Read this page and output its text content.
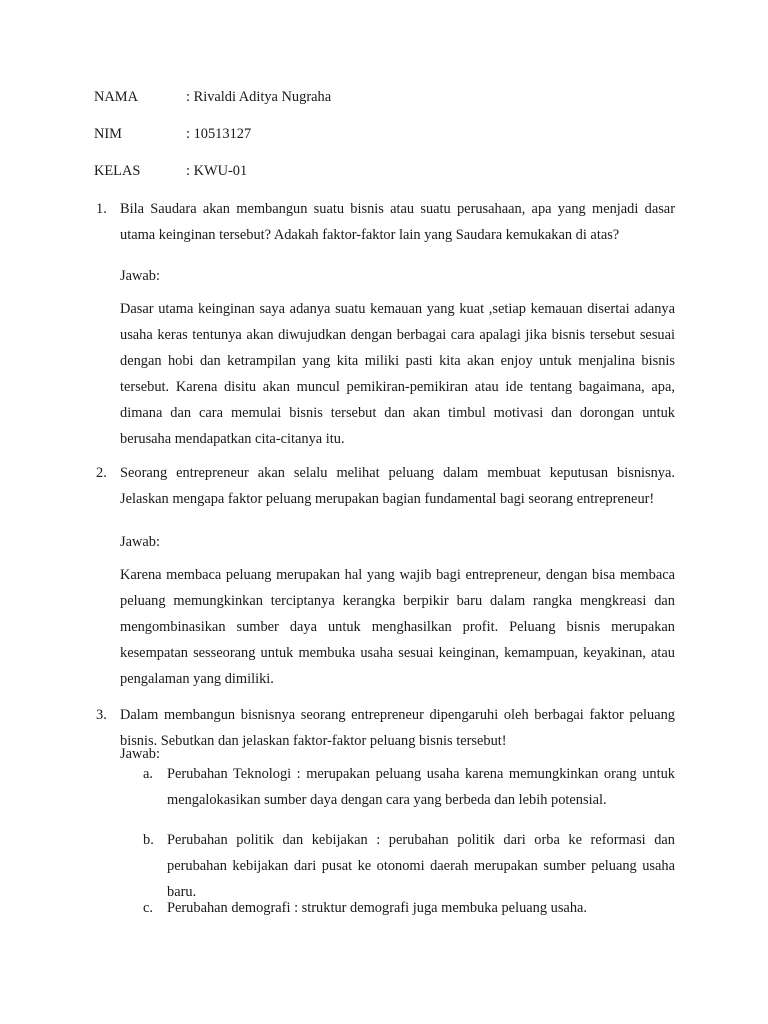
NAMA	: Rivaldi Aditya Nugraha
NIM	: 10513127
KELAS	: KWU-01
1. Bila Saudara akan membangun suatu bisnis atau suatu perusahaan, apa yang menjadi dasar utama keinginan tersebut? Adakah faktor-faktor lain yang Saudara kemukakan di atas?

Jawab:

Dasar utama keinginan saya adanya suatu kemauan yang kuat ,setiap kemauan disertai adanya usaha keras tentunya akan diwujudkan dengan berbagai cara apalagi jika bisnis tersebut sesuai dengan hobi dan ketrampilan yang kita miliki pasti kita akan enjoy untuk menjalina bisnis tersebut. Karena disitu akan muncul pemikiran-pemikiran atau ide tentang bagaimana, apa, dimana dan cara memulai bisnis tersebut dan akan timbul motivasi dan dorongan untuk berusaha mendapatkan cita-citanya itu.

2. Seorang entrepreneur akan selalu melihat peluang dalam membuat keputusan bisnisnya. Jelaskan mengapa faktor peluang merupakan bagian fundamental bagi seorang entrepreneur!

Jawab:

Karena membaca peluang merupakan hal yang wajib bagi entrepreneur, dengan bisa membaca peluang memungkinkan terciptanya kerangka berpikir baru dalam rangka mengkreasi dan mengombinasikan sumber daya untuk menghasilkan profit. Peluang bisnis merupakan kesempatan sesseorang untuk membuka usaha sesuai keinginan, kemampuan, keyakinan, atau pengalaman yang dimiliki.

3. Dalam membangun bisnisnya seorang entrepreneur dipengaruhi oleh berbagai faktor peluang bisnis. Sebutkan dan jelaskan faktor-faktor peluang bisnis tersebut!

Jawab:

a. Perubahan Teknologi : merupakan peluang usaha karena memungkinkan orang untuk mengalokasikan sumber daya dengan cara yang berbeda dan lebih potensial.

b. Perubahan politik dan kebijakan : perubahan politik dari orba ke reformasi dan perubahan kebijakan dari pusat ke otonomi daerah merupakan sumber peluang usaha baru.

c. Perubahan demografi : struktur demografi juga membuka peluang usaha.
